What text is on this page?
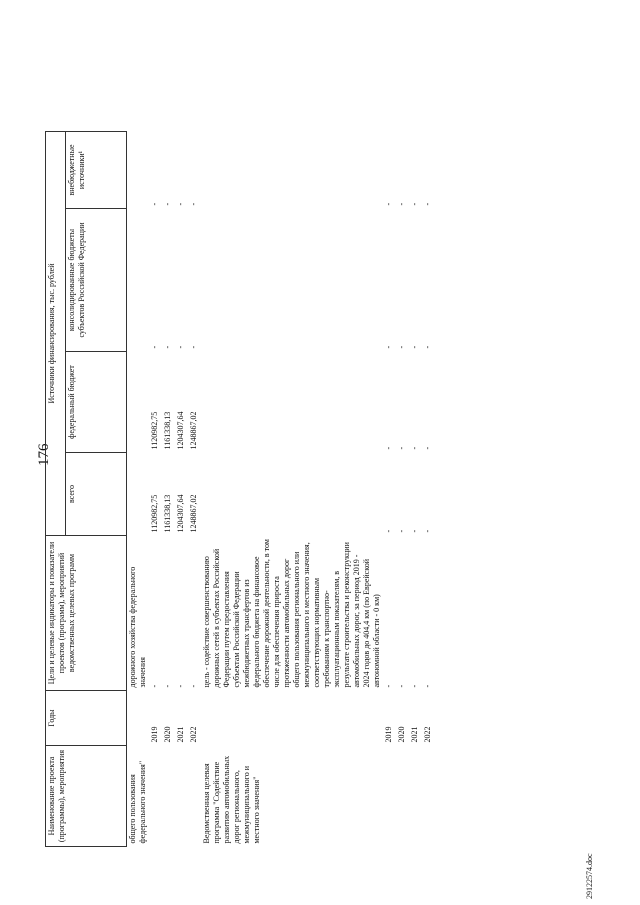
176
Наименование проекта (программы), мероприятия	Годы	Цели и целевые индикаторы и показатели проектов (программ), мероприятий ведомственных целевых программ	Источники финансирования, тыс. рублей			
			всего	федеральный бюджет	консолидированные бюджеты субъектов Российской Федерации	внебюджетные источники¹
общего пользования федерального значения"		дорожного хозяйства федерального значения				
	2019	-	1120982,75	1120982,75	-	-
	2020	-	1161338,13	1161338,13	-	-
	2021	-	1204307,64	1204307,64	-	-
	2022	-	1248867,02	1248867,02	-	-
Ведомственная целевая программа "Содействие развитию автомобильных дорог регионального, межмуниципального и местного значения"		цель - содействие совершенствованию дорожных сетей в субъектах Российской Федерации путем предоставления субъектам Российской Федерации межбюджетных трансфертов из федерального бюджета на финансовое обеспечение дорожной деятельности, в том числе для обеспечения прироста протяженности автомобильных дорог общего пользования регионального или межмуниципального и местного значения, соответствующих нормативным требованиям к транспортно-эксплуатационным показателям, в результате строительства и реконструкции автомобильных дорог, за период 2019 - 2024 годов до 404,4 км (по Еврейской автономной области - 0 км)				
	2019	-	-	-	-	-
	2020	-	-	-	-	-
	2021	-	-	-	-	-
	2022	-	-	-	-	-
29122574.doc
